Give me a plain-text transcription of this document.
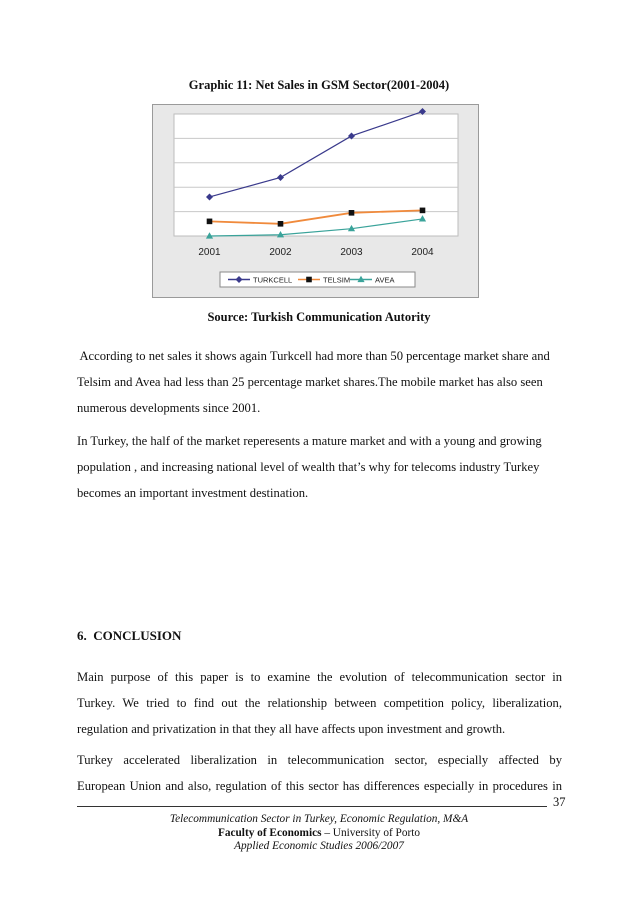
Graphic 11: Net Sales in GSM Sector(2001-2004)
2001	2002	2003	2004
TURKCELL	TELSIM	AVEA
Source: Turkish Communication Autority

According to net sales it shows again Turkcell had more than 50 percentage market share and

Telsim and Avea had less than 25 percentage market shares.The mobile market has also seen

numerous developments since 2001.

In Turkey, the half of the market reperesents a mature market and with a young and growing

population , and increasing national level of wealth that’s why for telecoms industry Turkey

becomes an important investment destination.

6. CONCLUSION

Main purpose of this paper is to examine the evolution of telecommunication sector in

Turkey. We tried to find out the relationship between competition policy, liberalization,

regulation and privatization in that they all have affects upon investment and growth.

Turkey accelerated liberalization in telecommunication sector, especially affected by

European Union and also, regulation of this sector has differences especially in procedures in

37
Telecommunication Sector in Turkey, Economic Regulation, M&A
Faculty of Economics – University of Porto
Applied Economic Studies 2006/2007
